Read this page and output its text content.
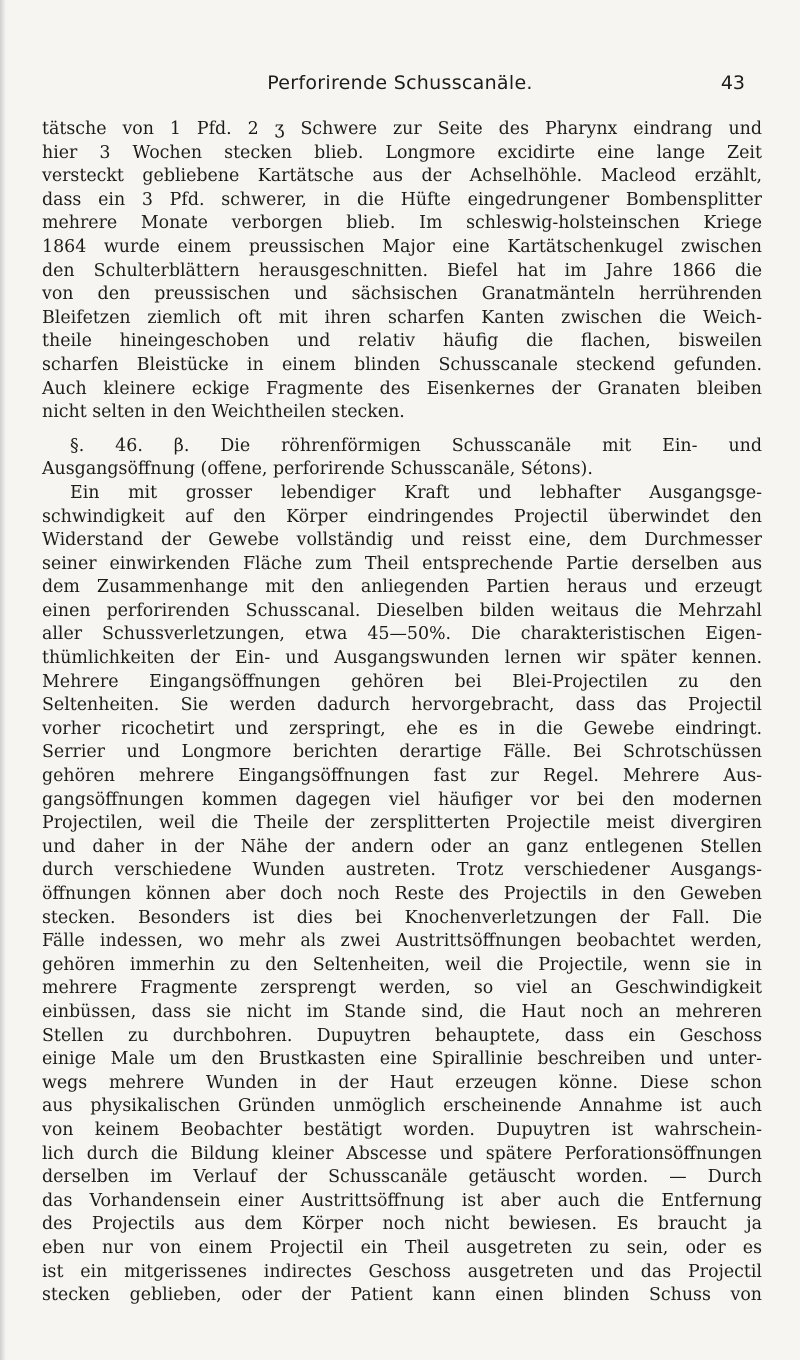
Perforirende Schusscanäle.	43
tätsche von 1 Pfd. 2 ʒ Schwere zur Seite des Pharynx eindrang und
hier 3 Wochen stecken blieb. Longmore excidirte eine lange Zeit
versteckt gebliebene Kartätsche aus der Achselhöhle. Macleod erzählt,
dass ein 3 Pfd. schwerer, in die Hüfte eingedrungener Bombensplitter
mehrere Monate verborgen blieb. Im schleswig-holsteinschen Kriege
1864 wurde einem preussischen Major eine Kartätschenkugel zwischen
den Schulterblättern herausgeschnitten. Biefel hat im Jahre 1866 die
von den preussischen und sächsischen Granatmänteln herrührenden
Bleifetzen ziemlich oft mit ihren scharfen Kanten zwischen die Weich-
theile hineingeschoben und relativ häufig die flachen, bisweilen
scharfen Bleistücke in einem blinden Schusscanale steckend gefunden.
Auch kleinere eckige Fragmente des Eisenkernes der Granaten bleiben
nicht selten in den Weichtheilen stecken.
§. 46. β. Die röhrenförmigen Schusscanäle mit Ein- und
Ausgangsöffnung (offene, perforirende Schusscanäle, Sétons).
Ein mit grosser lebendiger Kraft und lebhafter Ausgangsge-
schwindigkeit auf den Körper eindringendes Projectil überwindet den
Widerstand der Gewebe vollständig und reisst eine, dem Durchmesser
seiner einwirkenden Fläche zum Theil entsprechende Partie derselben aus
dem Zusammenhange mit den anliegenden Partien heraus und erzeugt
einen perforirenden Schusscanal. Dieselben bilden weitaus die Mehrzahl
aller Schussverletzungen, etwa 45—50%. Die charakteristischen Eigen-
thümlichkeiten der Ein- und Ausgangswunden lernen wir später kennen.
Mehrere Eingangsöffnungen gehören bei Blei-Projectilen zu den
Seltenheiten. Sie werden dadurch hervorgebracht, dass das Projectil
vorher ricochetirt und zerspringt, ehe es in die Gewebe eindringt.
Serrier und Longmore berichten derartige Fälle. Bei Schrotschüssen
gehören mehrere Eingangsöffnungen fast zur Regel. Mehrere Aus-
gangsöffnungen kommen dagegen viel häufiger vor bei den modernen
Projectilen, weil die Theile der zersplitterten Projectile meist divergiren
und daher in der Nähe der andern oder an ganz entlegenen Stellen
durch verschiedene Wunden austreten. Trotz verschiedener Ausgangs-
öffnungen können aber doch noch Reste des Projectils in den Geweben
stecken. Besonders ist dies bei Knochenverletzungen der Fall. Die
Fälle indessen, wo mehr als zwei Austrittsöffnungen beobachtet werden,
gehören immerhin zu den Seltenheiten, weil die Projectile, wenn sie in
mehrere Fragmente zersprengt werden, so viel an Geschwindigkeit
einbüssen, dass sie nicht im Stande sind, die Haut noch an mehreren
Stellen zu durchbohren. Dupuytren behauptete, dass ein Geschoss
einige Male um den Brustkasten eine Spirallinie beschreiben und unter-
wegs mehrere Wunden in der Haut erzeugen könne. Diese schon
aus physikalischen Gründen unmöglich erscheinende Annahme ist auch
von keinem Beobachter bestätigt worden. Dupuytren ist wahrschein-
lich durch die Bildung kleiner Abscesse und spätere Perforationsöffnungen
derselben im Verlauf der Schusscanäle getäuscht worden. — Durch
das Vorhandensein einer Austrittsöffnung ist aber auch die Entfernung
des Projectils aus dem Körper noch nicht bewiesen. Es braucht ja
eben nur von einem Projectil ein Theil ausgetreten zu sein, oder es
ist ein mitgerissenes indirectes Geschoss ausgetreten und das Projectil
stecken geblieben, oder der Patient kann einen blinden Schuss von
